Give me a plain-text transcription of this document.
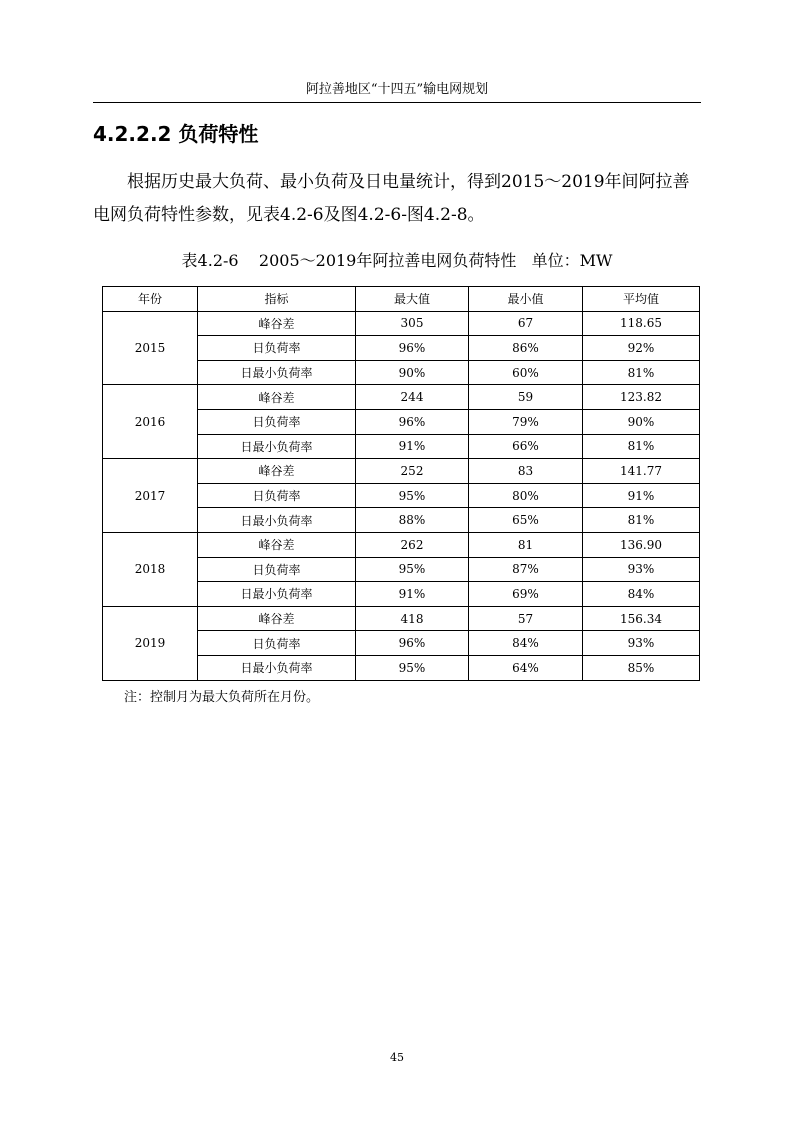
阿拉善地区“十四五”输电网规划
4.2.2.2 负荷特性

根据历史最大负荷、最小负荷及日电量统计，得到2015～2019年间阿拉善电网负荷特性参数，见表4.2-6及图4.2-6-图4.2-8。

表4.2-6    2005～2019年阿拉善电网负荷特性   单位：MW
年份	指标	最大值	最小值	平均值
2015	峰谷差	305	67	118.65
	日负荷率	96%	86%	92%
	日最小负荷率	90%	60%	81%
2016	峰谷差	244	59	123.82
	日负荷率	96%	79%	90%
	日最小负荷率	91%	66%	81%
2017	峰谷差	252	83	141.77
	日负荷率	95%	80%	91%
	日最小负荷率	88%	65%	81%
2018	峰谷差	262	81	136.90
	日负荷率	95%	87%	93%
	日最小负荷率	91%	69%	84%
2019	峰谷差	418	57	156.34
	日负荷率	96%	84%	93%
	日最小负荷率	95%	64%	85%
注：控制月为最大负荷所在月份。
45
